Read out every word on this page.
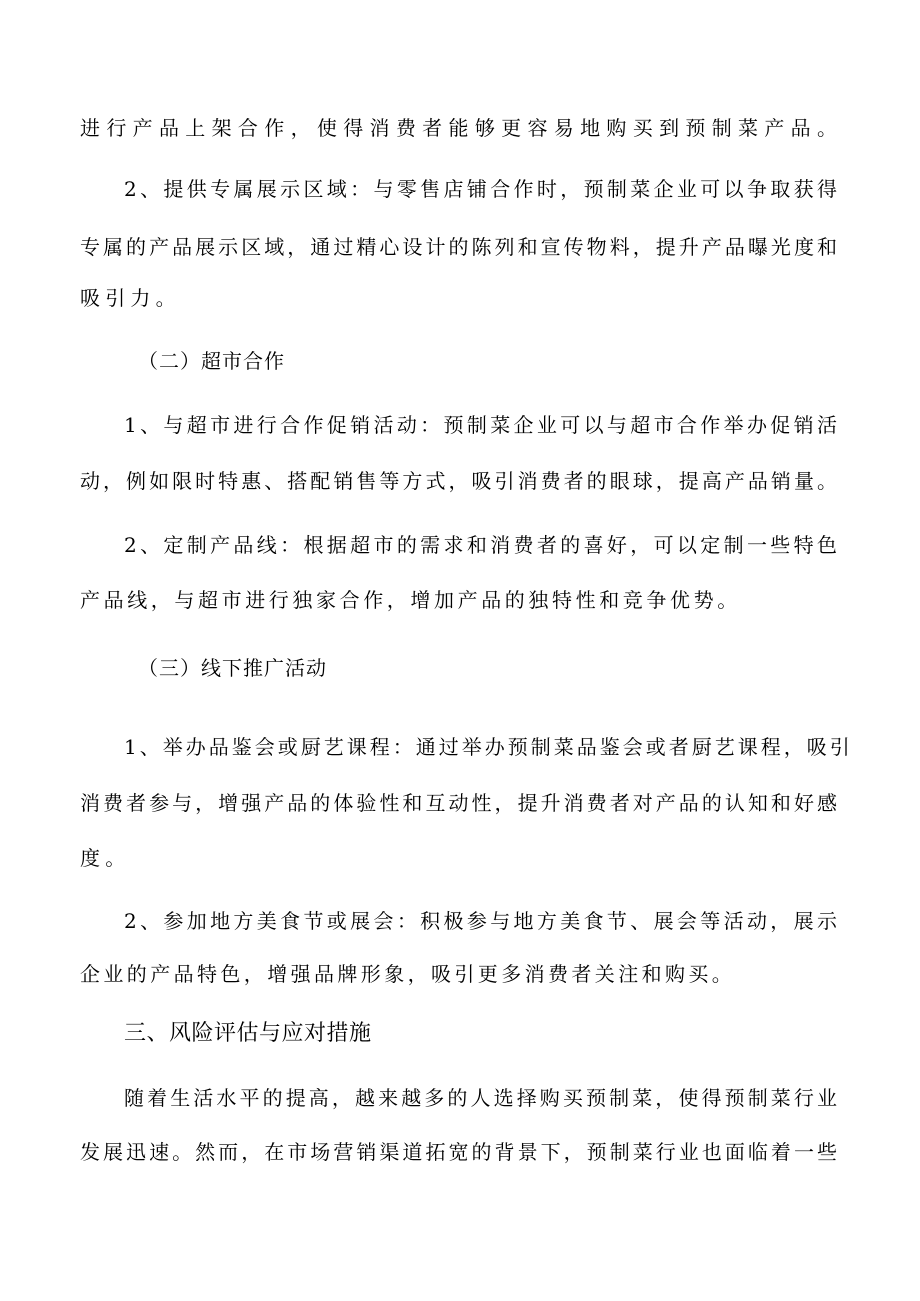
进行产品上架合作，使得消费者能够更容易地购买到预制菜产品。
2、提供专属展示区域：与零售店铺合作时，预制菜企业可以争取获得
专属的产品展示区域，通过精心设计的陈列和宣传物料，提升产品曝光度和
吸引力。
（二）超市合作
1、与超市进行合作促销活动：预制菜企业可以与超市合作举办促销活
动，例如限时特惠、搭配销售等方式，吸引消费者的眼球，提高产品销量。
2、定制产品线：根据超市的需求和消费者的喜好，可以定制一些特色
产品线，与超市进行独家合作，增加产品的独特性和竞争优势。
（三）线下推广活动
1、举办品鉴会或厨艺课程：通过举办预制菜品鉴会或者厨艺课程，吸引
消费者参与，增强产品的体验性和互动性，提升消费者对产品的认知和好感
度。
2、参加地方美食节或展会：积极参与地方美食节、展会等活动，展示
企业的产品特色，增强品牌形象，吸引更多消费者关注和购买。
三、风险评估与应对措施
随着生活水平的提高，越来越多的人选择购买预制菜，使得预制菜行业
发展迅速。然而，在市场营销渠道拓宽的背景下，预制菜行业也面临着一些
